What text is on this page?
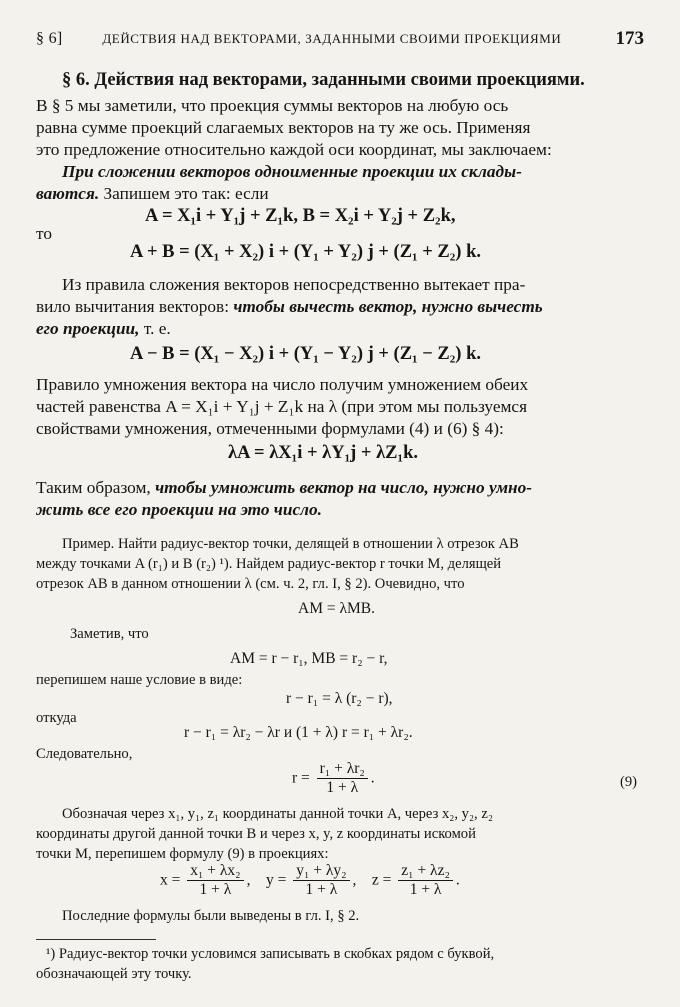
§ 6]	ДЕЙСТВИЯ НАД ВЕКТОРАМИ, ЗАДАННЫМИ СВОИМИ ПРОЕКЦИЯМИ	173
§ 6. Действия над векторами, заданными своими проекциями.
В § 5 мы заметили, что проекция суммы векторов на любую ось
равна сумме проекций слагаемых векторов на ту же ось. Применяя
это предложение относительно каждой оси координат, мы заключаем:
При сложении векторов одноименные проекции их склады-
ваются. Запишем это так: если
A = X₁i + Y₁j + Z₁k, B = X₂i + Y₂j + Z₂k,
то
A + B = (X₁ + X₂) i + (Y₁ + Y₂) j + (Z₁ + Z₂) k.
Из правила сложения векторов непосредственно вытекает пра-
вило вычитания векторов: чтобы вычесть вектор, нужно вычесть
его проекции, т. е.
A − B = (X₁ − X₂) i + (Y₁ − Y₂) j + (Z₁ − Z₂) k.
Правило умножения вектора на число получим умножением обеих
частей равенства A = X₁i + Y₁j + Z₁k на λ (при этом мы пользуемся
свойствами умножения, отмеченными формулами (4) и (6) § 4):
λA = λX₁i + λY₁j + λZ₁k.
Таким образом, чтобы умножить вектор на число, нужно умно-
жить все его проекции на это число.
Пример. Найти радиус-вектор точки, делящей в отношении λ отрезок AB
между точками A (r₁) и B (r₂) ¹). Найдем радиус-вектор r точки M, делящей
отрезок AB в данном отношении λ (см. ч. 2, гл. I, § 2). Очевидно, что
AM = λMB.
Заметив, что
AM = r − r₁, MB = r₂ − r,
перепишем наше условие в виде:
r − r₁ = λ (r₂ − r),
откуда
r − r₁ = λr₂ − λr и (1 + λ) r = r₁ + λr₂.
Следовательно,
$r = \frac{\text{r₁ + λr₂}}{1 + \lambda}$ .	(9)
Обозначая через x₁, y₁, z₁ координаты данной точки A, через x₂, y₂, z₂
координаты другой данной точки B и через x, y, z координаты искомой
точки M, перепишем формулу (9) в проекциях:
$x = \frac{\text{x₁ + λx₂}}{1 + \lambda}$ ,    $y = \frac{\text{y₁ + λy₂}}{1 + \lambda}$ ,    $z = \frac{\text{z₁ + λz₂}}{1 + \lambda}$ .
Последние формулы были выведены в гл. I, § 2.
¹) Радиус-вектор точки условимся записывать в скобках рядом с буквой,
обозначающей эту точку.
